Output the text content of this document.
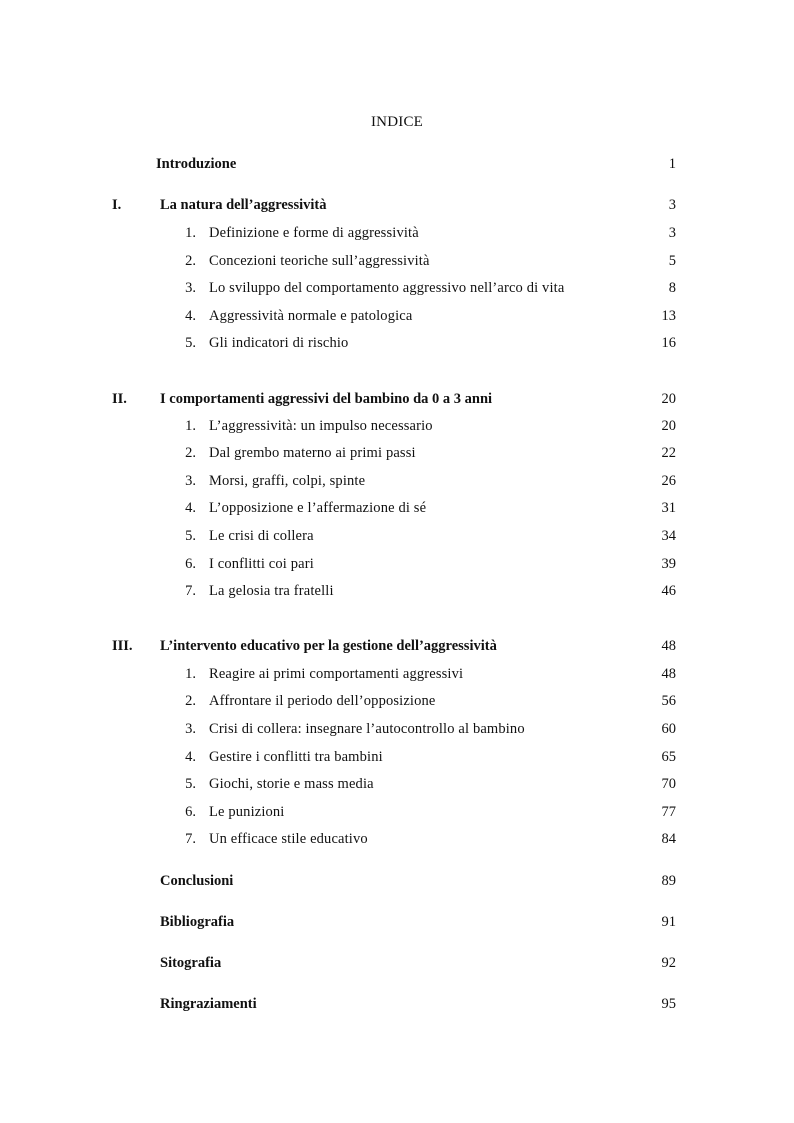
INDICE
Introduzione	1
I.	La natura dell’aggressività	3
1. Definizione e forme di aggressività	3
2. Concezioni teoriche sull’aggressività	5
3. Lo sviluppo del comportamento aggressivo nell’arco di vita	8
4. Aggressività normale e patologica	13
5. Gli indicatori di rischio	16
II. I comportamenti aggressivi del bambino da 0 a 3 anni	20
1. L’aggressività: un impulso necessario	20
2. Dal grembo materno ai primi passi	22
3. Morsi, graffi, colpi, spinte	26
4. L’opposizione e l’affermazione di sé	31
5. Le crisi di collera	34
6. I conflitti coi pari	39
7. La gelosia tra fratelli	46
III. L’intervento educativo per la gestione dell’aggressività	48
1. Reagire ai primi comportamenti aggressivi	48
2. Affrontare il periodo dell’opposizione	56
3. Crisi di collera: insegnare l’autocontrollo al bambino	60
4. Gestire i conflitti tra bambini	65
5. Giochi, storie e mass media	70
6. Le punizioni	77
7. Un efficace stile educativo	84
Conclusioni	89
Bibliografia	91
Sitografia	92
Ringraziamenti	95
